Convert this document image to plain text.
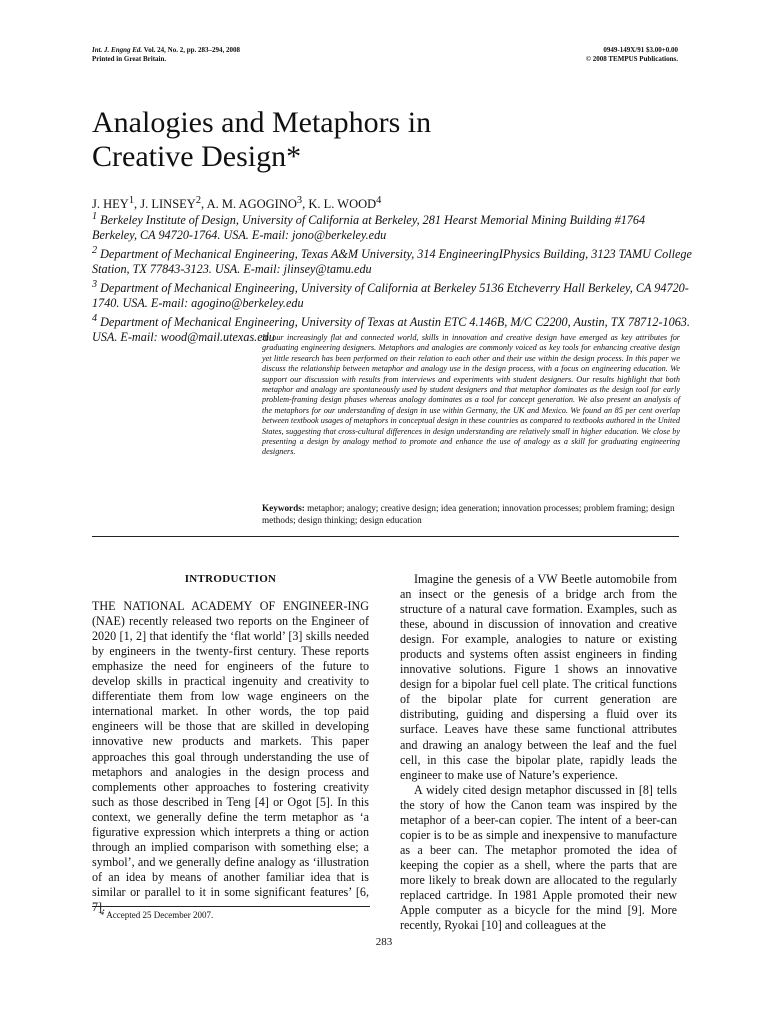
Int. J. Engng Ed. Vol. 24, No. 2, pp. 283–294, 2008
Printed in Great Britain.
0949-149X/91 $3.00+0.00
© 2008 TEMPUS Publications.
Analogies and Metaphors in
Creative Design*
J. HEY$^1$, J. LINSEY$^2$, A. M. AGOGINO$^3$, K. L. WOOD$^4$

$^1$ Berkeley Institute of Design, University of California at Berkeley, 281 Hearst Memorial Mining Building #1764 Berkeley, CA 94720-1764. USA. E-mail: jono@berkeley.edu

$^2$ Department of Mechanical Engineering, Texas A&M University, 314 EngineeringIPhysics Building, 3123 TAMU College Station, TX 77843-3123. USA. E-mail: jlinsey@tamu.edu

$^3$ Department of Mechanical Engineering, University of California at Berkeley 5136 Etcheverry Hall Berkeley, CA 94720-1740. USA. E-mail: agogino@berkeley.edu

$^4$ Department of Mechanical Engineering, University of Texas at Austin ETC 4.146B, M/C C2200, Austin, TX 78712-1063. USA. E-mail: wood@mail.utexas.edu

In our increasingly flat and connected world, skills in innovation and creative design have emerged as key attributes for graduating engineering designers. Metaphors and analogies are commonly voiced as key tools for enhancing creative design yet little research has been performed on their relation to each other and their use within the design process. In this paper we discuss the relationship between metaphor and analogy use in the design process, with a focus on engineering education. We support our discussion with results from interviews and experiments with student designers. Our results highlight that both metaphor and analogy are spontaneously used by student designers and that metaphor dominates as the design tool for early problem-framing design phases whereas analogy dominates as a tool for concept generation. We also present an analysis of the metaphors for our understanding of design in use within Germany, the UK and Mexico. We found an 85 per cent overlap between textbook usages of metaphors in conceptual design in these countries as compared to textbooks authored in the United States, suggesting that cross-cultural differences in design understanding are relatively small in higher education. We close by presenting a design by analogy method to promote and enhance the use of analogy as a skill for graduating engineering designers.

Keywords: metaphor; analogy; creative design; idea generation; innovation processes; problem framing; design methods; design thinking; design education

INTRODUCTION

THE NATIONAL ACADEMY OF ENGINEER-ING (NAE) recently released two reports on the Engineer of 2020 [1, 2] that identify the ‘flat world’ [3] skills needed by engineers in the twenty-first century. These reports emphasize the need for engineers of the future to develop skills in practical ingenuity and creativity to differentiate them from low wage engineers on the international market. In other words, the top paid engineers will be those that are skilled in developing innovative new products and markets. This paper approaches this goal through understanding the use of metaphors and analogies in the design process and complements other approaches to fostering creativity such as those described in Teng [4] or Ogot [5]. In this context, we generally define the term metaphor as ‘a figurative expression which interprets a thing or action through an implied comparison with something else; a symbol’, and we generally define analogy as ‘illustration of an idea by means of another familiar idea that is similar or parallel to it in some significant features’ [6, 7].

Imagine the genesis of a VW Beetle automobile from an insect or the genesis of a bridge arch from the structure of a natural cave formation. Examples, such as these, abound in discussion of innovation and creative design. For example, analogies to nature or existing products and systems often assist engineers in finding innovative solutions. Figure 1 shows an innovative design for a bipolar fuel cell plate. The critical functions of the bipolar plate for current generation are distributing, guiding and dispersing a fluid over its surface. Leaves have these same functional attributes and drawing an analogy between the leaf and the fuel cell, in this case the bipolar plate, rapidly leads the engineer to make use of Nature’s experience.

A widely cited design metaphor discussed in [8] tells the story of how the Canon team was inspired by the metaphor of a beer-can copier. The intent of a beer-can copier is to be as simple and inexpensive to manufacture as a beer can. The metaphor promoted the idea of keeping the copier as a shell, where the parts that are more likely to break down are allocated to the regularly replaced cartridge. In 1981 Apple promoted their new Apple computer as a bicycle for the mind [9]. More recently, Ryokai [10] and colleagues at the

* Accepted 25 December 2007.
283
